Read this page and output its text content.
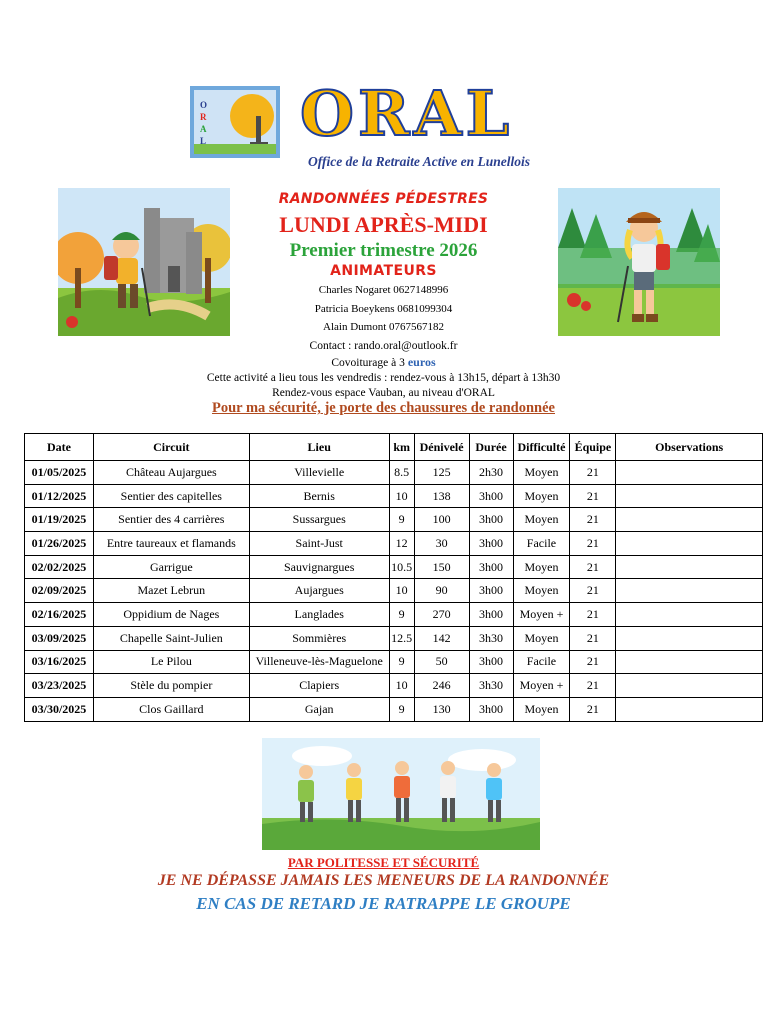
O
R
A
L ORAL
Office de la Retraite Active en Lunellois
RANDONNÉES PÉDESTRES
LUNDI APRÈS-MIDI
Premier trimestre 2026
ANIMATEURS
Charles Nogaret 0627148996
Patricia Boeykens 0681099304
Alain Dumont 0767567182
Contact : rando.oral@outlook.fr
Covoiturage à 3 euros
Cette activité a lieu tous les vendredis : rendez-vous à 13h15, départ à 13h30
Rendez-vous espace Vauban, au niveau d'ORAL
Pour ma sécurité, je porte des chaussures de randonnée
Date	Circuit	Lieu	km	Dénivelé	Durée	Difficulté	Équipe	Observations
01/05/2025	Château Aujargues	Villevielle	8.5	125	2h30	Moyen	21	
01/12/2025	Sentier des capitelles	Bernis	10	138	3h00	Moyen	21	
01/19/2025	Sentier des 4 carrières	Sussargues	9	100	3h00	Moyen	21	
01/26/2025	Entre taureaux et flamands	Saint-Just	12	30	3h00	Facile	21	
02/02/2025	Garrigue	Sauvignargues	10.5	150	3h00	Moyen	21	
02/09/2025	Mazet Lebrun	Aujargues	10	90	3h00	Moyen	21	
02/16/2025	Oppidium de Nages	Langlades	9	270	3h00	Moyen +	21	
03/09/2025	Chapelle Saint-Julien	Sommières	12.5	142	3h30	Moyen	21	
03/16/2025	Le Pilou	Villeneuve-lès-Maguelone	9	50	3h00	Facile	21	
03/23/2025	Stèle du pompier	Clapiers	10	246	3h30	Moyen +	21	
03/30/2025	Clos Gaillard	Gajan	9	130	3h00	Moyen	21	
PAR POLITESSE ET SÉCURITÉ
JE NE DÉPASSE JAMAIS LES MENEURS DE LA RANDONNÉE
EN CAS DE RETARD JE RATRAPPE LE GROUPE
